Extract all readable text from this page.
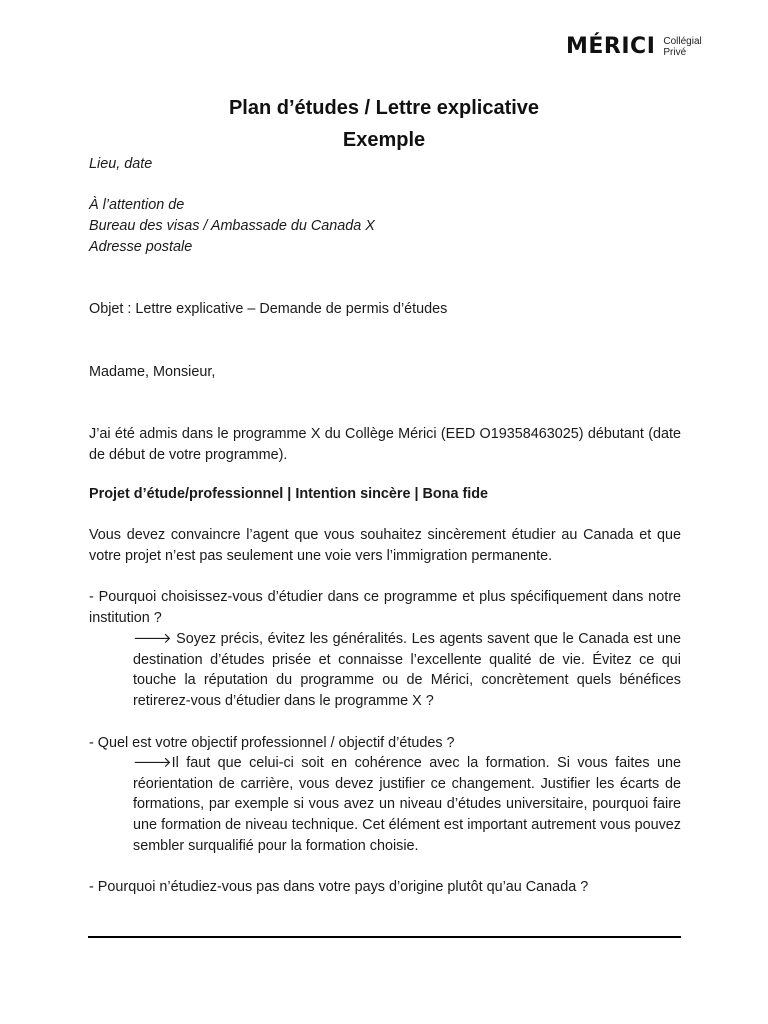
MÉRICI Collégial
Privé
Plan d’études / Lettre explicative
Exemple
Lieu, date
À l’attention de
Bureau des visas / Ambassade du Canada X
Adresse postale
Objet : Lettre explicative – Demande de permis d’études
Madame, Monsieur,
J’ai été admis dans le programme X du Collège Mérici (EED O19358463025) débutant (date de début de votre programme).
Projet d’étude/professionnel | Intention sincère | Bona fide
Vous devez convaincre l’agent que vous souhaitez sincèrement étudier au Canada et que votre projet n’est pas seulement une voie vers l’immigration permanente.
- Pourquoi choisissez-vous d’étudier dans ce programme et plus spécifiquement dans notre institution ?
🡒 Soyez précis, évitez les généralités. Les agents savent que le Canada est une destination d’études prisée et connaisse l’excellente qualité de vie. Évitez ce qui touche la réputation du programme ou de Mérici, concrètement quels bénéfices retirerez-vous d’étudier dans le programme X ?
- Quel est votre objectif professionnel / objectif d’études ?
🡒Il faut que celui-ci soit en cohérence avec la formation. Si vous faites une réorientation de carrière, vous devez justifier ce changement. Justifier les écarts de formations, par exemple si vous avez un niveau d’études universitaire, pourquoi faire une formation de niveau technique. Cet élément est important autrement vous pouvez sembler surqualifié pour la formation choisie.
- Pourquoi n’étudiez-vous pas dans votre pays d’origine plutôt qu’au Canada ?
